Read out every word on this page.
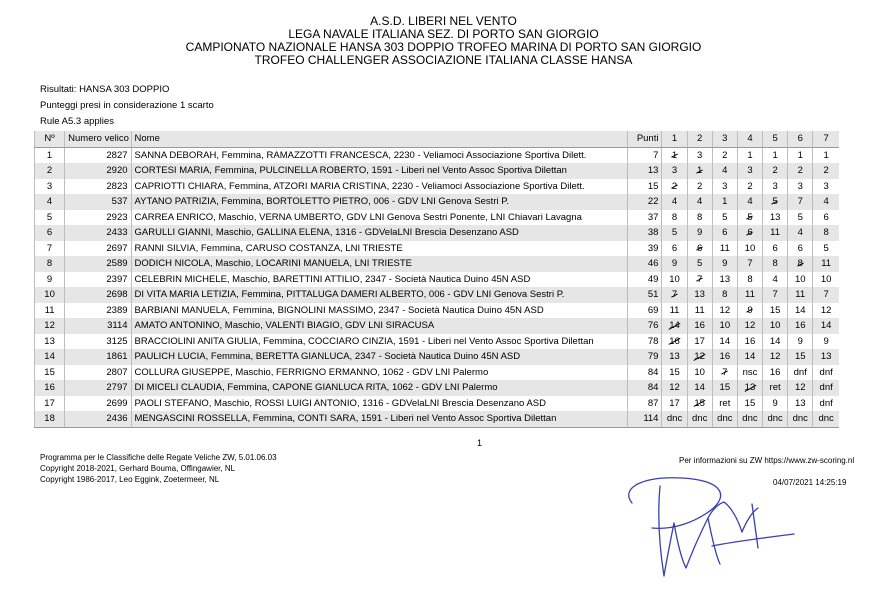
A.S.D. LIBERI NEL VENTO
LEGA NAVALE ITALIANA SEZ. DI PORTO SAN GIORGIO
CAMPIONATO NAZIONALE HANSA 303 DOPPIO TROFEO MARINA DI PORTO SAN GIORGIO
TROFEO CHALLENGER ASSOCIAZIONE ITALIANA CLASSE HANSA
Risultati: HANSA 303 DOPPIO
Punteggi presi in considerazione 1 scarto
Rule A5.3 applies
Nº	Numero velico	Nome	Punti	1	2	3	4	5	6	7
1	2827	SANNA DEBORAH, Femmina, RAMAZZOTTI FRANCESCA, 2230 - Veliamoci Associazione Sportiva Dilett.	7	1	3	2	1	1	1	1
2	2920	CORTESI MARIA, Femmina, PULCINELLA ROBERTO, 1591 - Liberi nel Vento Assoc Sportiva Dilettan	13	3	1	4	3	2	2	2
3	2823	CAPRIOTTI CHIARA, Femmina, ATZORI MARIA CRISTINA, 2230 - Veliamoci Associazione Sportiva Dilett.	15	2	2	3	2	3	3	3
4	537	AYTANO PATRIZIA, Femmina, BORTOLETTO PIETRO, 006 - GDV LNI Genova Sestri P.	22	4	4	1	4	5	7	4
5	2923	CARREA ENRICO, Maschio, VERNA UMBERTO, GDV LNI Genova Sestri Ponente, LNI Chiavari Lavagna	37	8	8	5	5	13	5	6
6	2433	GARULLI GIANNI, Maschio, GALLINA ELENA, 1316 - GDVelaLNI Brescia Desenzano ASD	38	5	9	6	6	11	4	8
7	2697	RANNI SILVIA, Femmina, CARUSO COSTANZA, LNI TRIESTE	39	6	6	11	10	6	6	5
8	2589	DODICH NICOLA, Maschio, LOCARINI MANUELA, LNI TRIESTE	46	9	5	9	7	8	8	11
9	2397	CELEBRIN MICHELE, Maschio, BARETTINI ATTILIO, 2347 - Società Nautica Duino 45N ASD	49	10	7	13	8	4	10	10
10	2698	DI VITA MARIA LETIZIA, Femmina, PITTALUGA DAMERI ALBERTO, 006 - GDV LNI Genova Sestri P.	51	7	13	8	11	7	11	7
11	2389	BARBIANI MANUELA, Femmina, BIGNOLINI MASSIMO, 2347 - Società Nautica Duino 45N ASD	69	11	11	12	9	15	14	12
12	3114	AMATO ANTONINO, Maschio, VALENTI BIAGIO, GDV LNI SIRACUSA	76	14	16	10	12	10	16	14
13	3125	BRACCIOLINI ANITA GIULIA, Femmina, COCCIARO CINZIA, 1591 - Liberi nel Vento Assoc Sportiva Dilettan	78	16	17	14	16	14	9	9
14	1861	PAULICH LUCIA, Femmina, BERETTA GIANLUCA, 2347 - Società Nautica Duino 45N ASD	79	13	12	16	14	12	15	13
15	2807	COLLURA GIUSEPPE, Maschio, FERRIGNO ERMANNO, 1062 - GDV LNI Palermo	84	15	10	7	nsc	16	dnf	dnf
16	2797	DI MICELI CLAUDIA, Femmina, CAPONE GIANLUCA RITA, 1062 - GDV LNI Palermo	84	12	14	15	13	ret	12	dnf
17	2699	PAOLI STEFANO, Maschio, ROSSI LUIGI ANTONIO, 1316 - GDVelaLNI Brescia Desenzano ASD	87	17	15	ret	15	9	13	dnf
18	2436	MENGASCINI ROSSELLA, Femmina, CONTI SARA, 1591 - Liberi nel Vento Assoc Sportiva Dilettan	114	dnc	dnc	dnc	dnc	dnc	dnc	dnc
1
Programma per le Classifiche delle Regate Veliche ZW, 5.01.06.03
Copyright 2018-2021, Gerhard Bouma, Offingawier, NL
Copyright 1986-2017, Leo Eggink, Zoetermeer, NL
Per informazioni su ZW https://www.zw-scoring.nl
04/07/2021 14:25:19
